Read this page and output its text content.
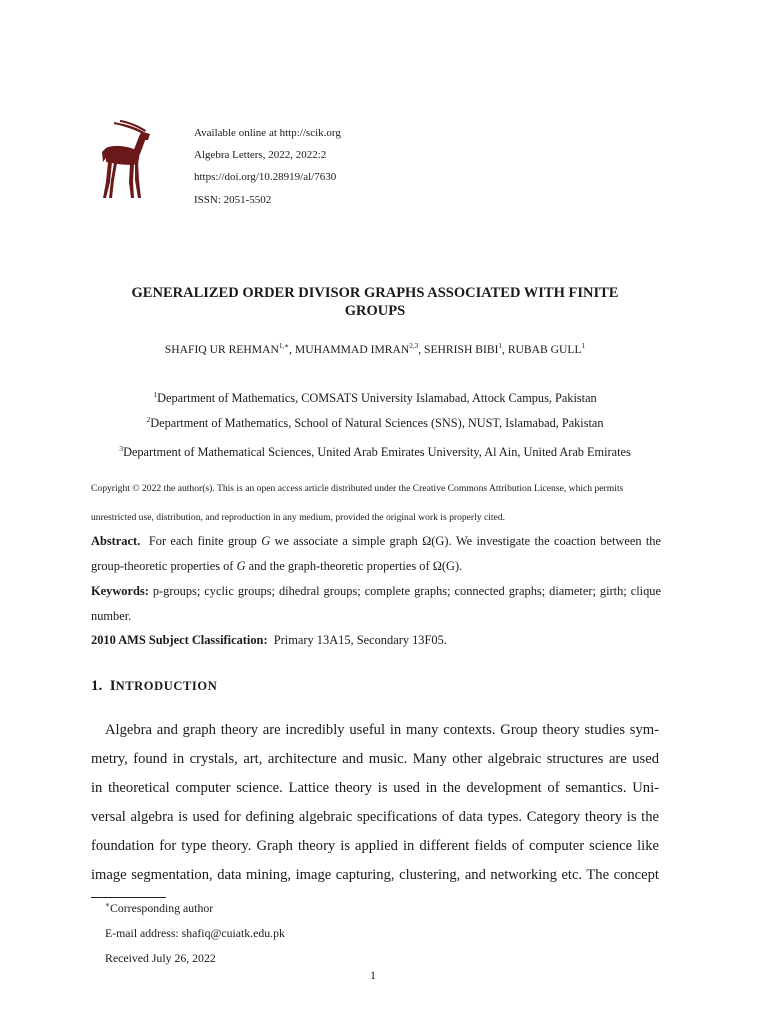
Available online at http://scik.org
Algebra Letters, 2022, 2022:2
https://doi.org/10.28919/al/7630
ISSN: 2051-5502
GENERALIZED ORDER DIVISOR GRAPHS ASSOCIATED WITH FINITE
GROUPS
SHAFIQ UR $REHMAN^{1,∗}$, MUHAMMAD IMRAN$^{2,3}$, SEHRISH BIBI$^1$, RUBAB GULL$^1$
$^1$Department of Mathematics, COMSATS University Islamabad, Attock Campus, Pakistan
$^2$Department of Mathematics, School of Natural Sciences (SNS), NUST, Islamabad, Pakistan
$^3$Department of Mathematical Sciences, United Arab Emirates University, Al Ain, United Arab Emirates
Copyright © 2022 the author(s). This is an open access article distributed under the Creative Commons Attribution License, which permits
unrestricted use, distribution, and reproduction in any medium, provided the original work is properly cited.
Abstract. For each finite group G we associate a simple graph Ω(G). We investigate the coaction between the group-theoretic properties of G and the graph-theoretic properties of Ω(G).
Keywords: p-groups; cyclic groups; dihedral groups; complete graphs; connected graphs; diameter; girth; clique number.
2010 AMS Subject Classification: Primary 13A15, Secondary 13F05.
1. INTRODUCTION
Algebra and graph theory are incredibly useful in many contexts. Group theory studies sym-
metry, found in crystals, art, architecture and music. Many other algebraic structures are used
in theoretical computer science. Lattice theory is used in the development of semantics. Uni-
versal algebra is used for defining algebraic specifications of data types. Category theory is the
foundation for type theory. Graph theory is applied in different fields of computer science like
image segmentation, data mining, image capturing, clustering, and networking etc. The concept
∗Corresponding author
E-mail address: shafiq@cuiatk.edu.pk
Received July 26, 2022
1
